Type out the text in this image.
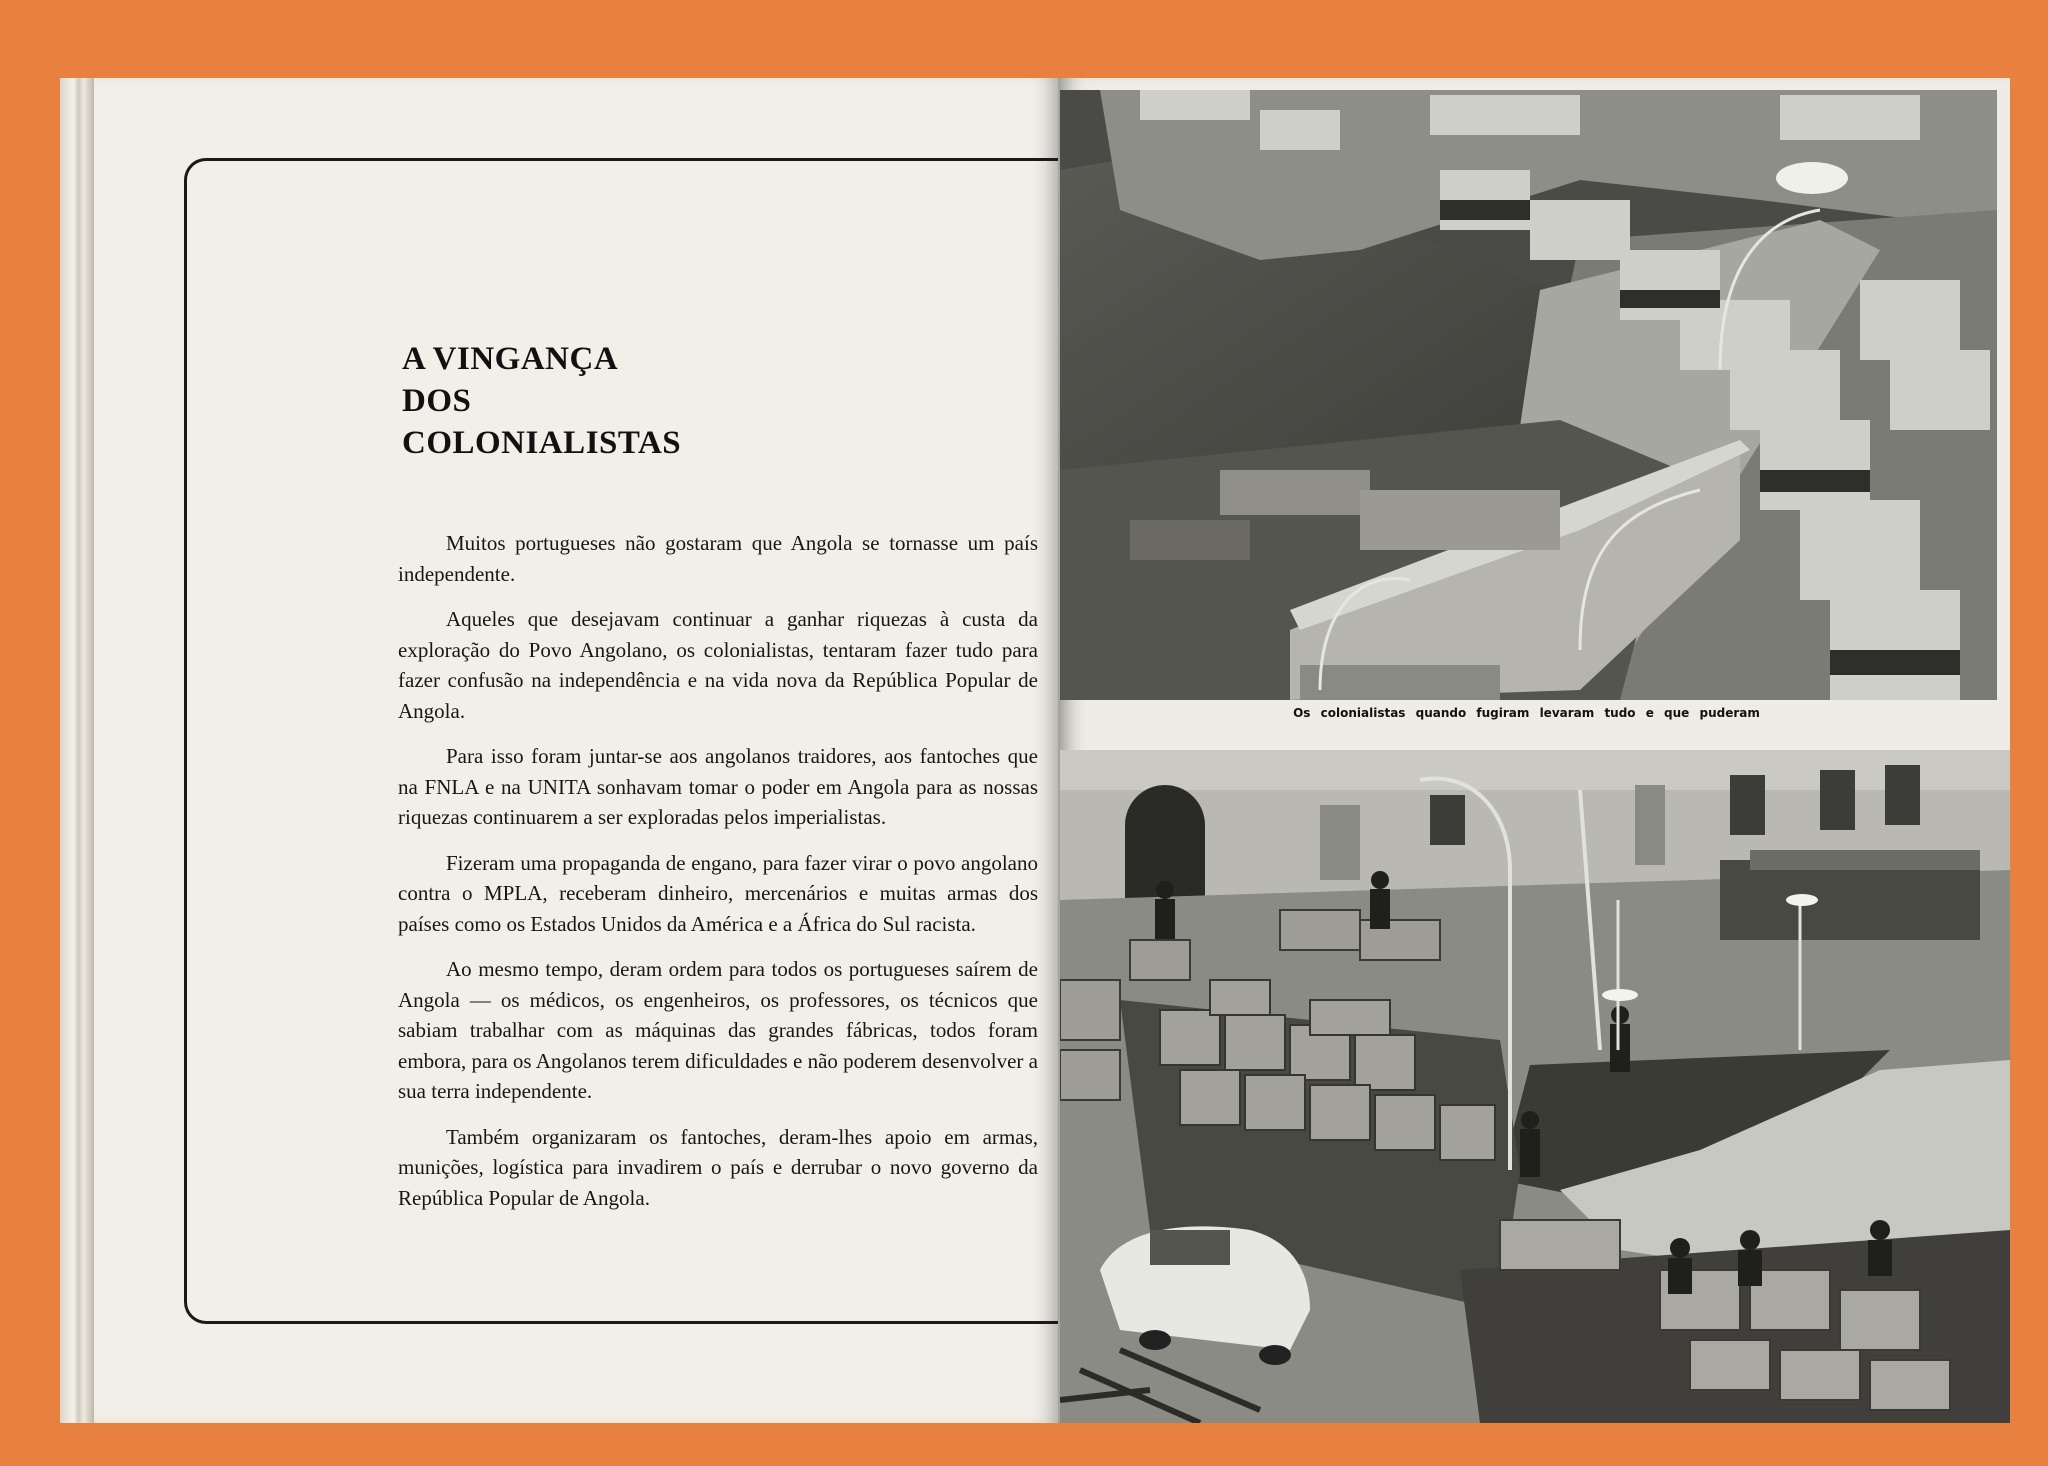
A VINGANÇA
DOS
COLONIALISTAS

Muitos portugueses não gostaram que Angola se tornasse um país independente.

Aqueles que desejavam continuar a ganhar riquezas à custa da exploração do Povo Angolano, os colonialistas, tentaram fazer tudo para fazer confusão na independência e na vida nova da República Popular de Angola.

Para isso foram juntar-se aos angolanos traidores, aos fantoches que na FNLA e na UNITA sonhavam tomar o poder em Angola para as nossas riquezas continuarem a ser exploradas pelos imperialistas.

Fizeram uma propaganda de engano, para fazer virar o povo angolano contra o MPLA, receberam dinheiro, mercenários e muitas armas dos países como os Estados Unidos da América e a África do Sul racista.

Ao mesmo tempo, deram ordem para todos os portugueses saírem de Angola — os médicos, os engenheiros, os professores, os técnicos que sabiam trabalhar com as máquinas das grandes fábricas, todos foram embora, para os Angolanos terem dificuldades e não poderem desenvolver a sua terra independente.

Também organizaram os fantoches, deram-lhes apoio em armas, munições, logística para invadirem o país e derrubar o novo governo da República Popular de Angola.

Os colonialistas quando fugiram levaram tudo e que puderam
